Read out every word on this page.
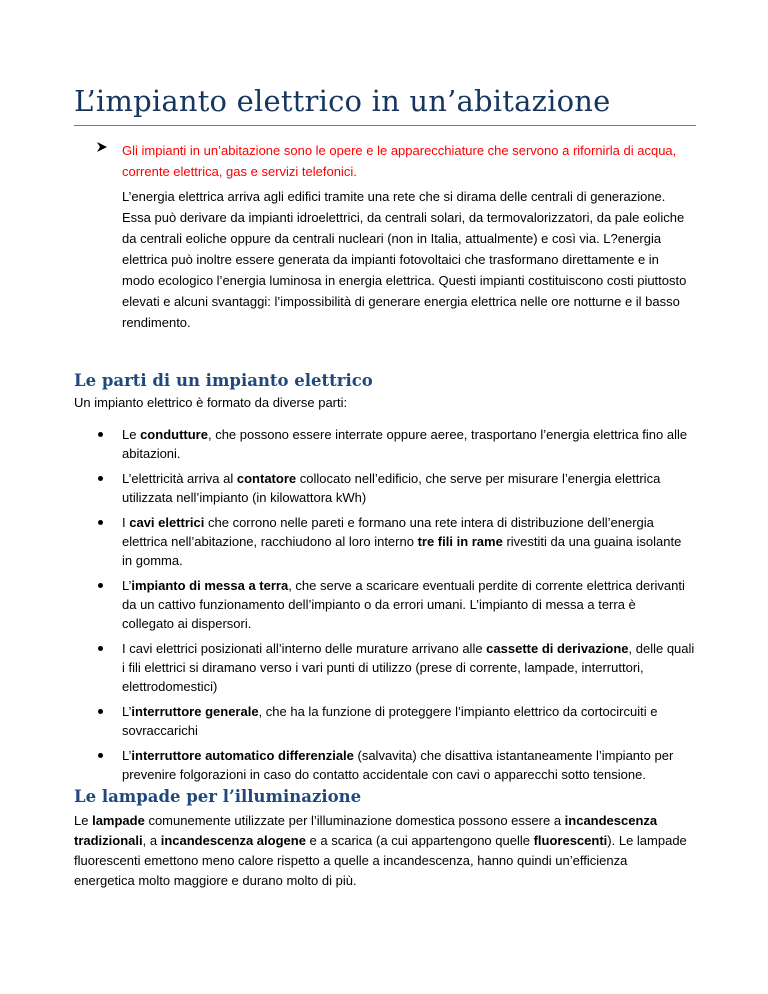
L’impianto elettrico in un’abitazione

Gli impianti in un’abitazione sono le opere e le apparecchiature che servono a rifornirla di acqua,
corrente elettrica, gas e servizi telefonici.

L’energia elettrica arriva agli edifici tramite una rete che si dirama delle centrali di generazione.
Essa può derivare da impianti idroelettrici, da centrali solari, da termovalorizzatori, da pale eoliche
da centrali eoliche oppure da centrali nucleari (non in Italia, attualmente) e così via. L?energia
elettrica può inoltre essere generata da impianti fotovoltaici che trasformano direttamente e in
modo ecologico l’energia luminosa in energia elettrica. Questi impianti costituiscono costi piuttosto
elevati e alcuni svantaggi: l’impossibilità di generare energia elettrica nelle ore notturne e il basso
rendimento.

Le parti di un impianto elettrico

Un impianto elettrico è formato da diverse parti:

Le condutture, che possono essere interrate oppure aeree, trasportano l’energia elettrica fino alle
abitazioni.
L’elettricità arriva al contatore collocato nell’edificio, che serve per misurare l’energia elettrica
utilizzata nell’impianto (in kilowattora kWh)
I cavi elettrici che corrono nelle pareti e formano una rete intera di distribuzione dell’energia
elettrica nell’abitazione, racchiudono al loro interno tre fili in rame rivestiti da una guaina isolante
in gomma.
L’impianto di messa a terra, che serve a scaricare eventuali perdite di corrente elettrica derivanti
da un cattivo funzionamento dell’impianto o da errori umani. L’impianto di messa a terra è
collegato ai dispersori.
I cavi elettrici posizionati all’interno delle murature arrivano alle cassette di derivazione, delle quali
i fili elettrici si diramano verso i vari punti di utilizzo (prese di corrente, lampade, interruttori,
elettrodomestici)
L’interruttore generale, che ha la funzione di proteggere l’impianto elettrico da cortocircuiti e
sovraccarichi
L’interruttore automatico differenziale (salvavita) che disattiva istantaneamente l’impianto per
prevenire folgorazioni in caso do contatto accidentale con cavi o apparecchi sotto tensione.
Le lampade per l’illuminazione

Le lampade comunemente utilizzate per l’illuminazione domestica possono essere a incandescenza
tradizionali, a incandescenza alogene e a scarica (a cui appartengono quelle fluorescenti). Le lampade
fluorescenti emettono meno calore rispetto a quelle a incandescenza, hanno quindi un’efficienza
energetica molto maggiore e durano molto di più.
